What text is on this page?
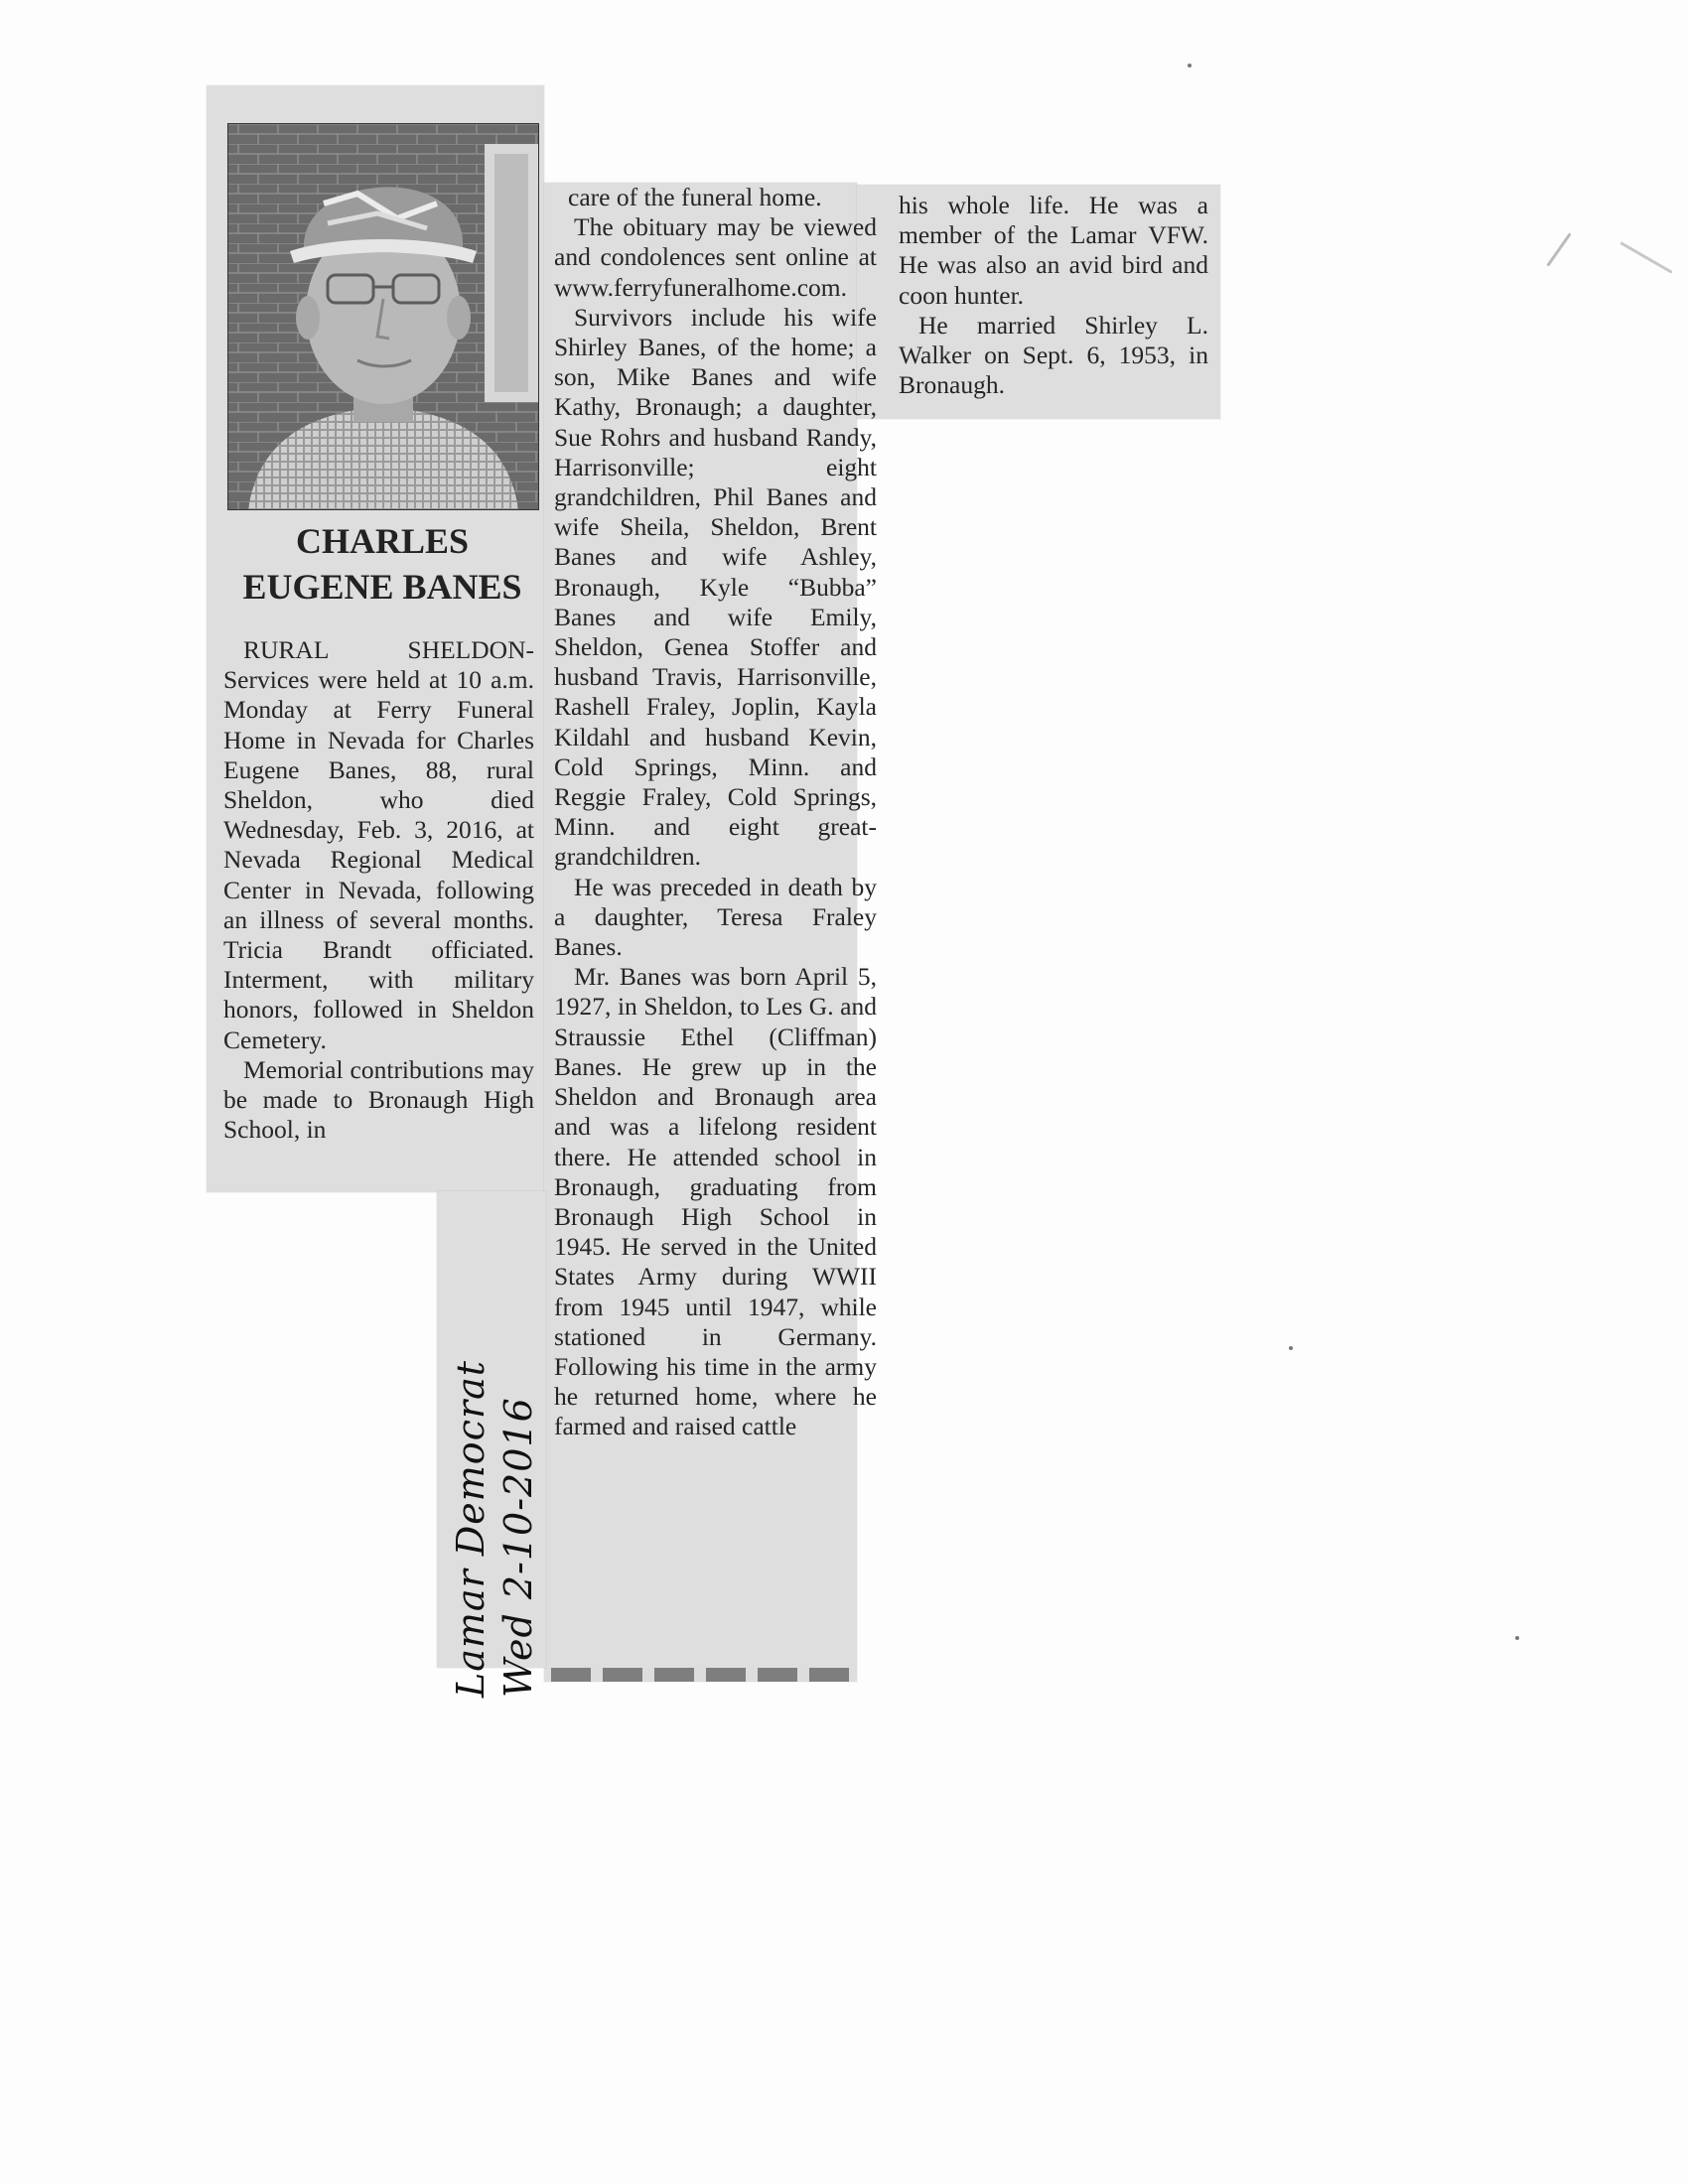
CHARLES
EUGENE BANES

RURAL SHELDON- Services were held at 10 a.m. Monday at Ferry Funeral Home in Nevada for Charles Eugene Banes, 88, rural Sheldon, who died Wednesday, Feb. 3, 2016, at Nevada Regional Medical Center in Nevada, following an illness of several months. Tricia Brandt officiated. Interment, with military honors, followed in Sheldon Cemetery.

Memorial contributions may be made to Bronaugh High School, in

care of the funeral home.

The obituary may be viewed and condolences sent online at www.ferryfuneralhome.com.

Survivors include his wife Shirley Banes, of the home; a son, Mike Banes and wife Kathy, Bronaugh; a daughter, Sue Rohrs and husband Randy, Harrisonville; eight grandchildren, Phil Banes and wife Sheila, Sheldon, Brent Banes and wife Ashley, Bronaugh, Kyle “Bubba” Banes and wife Emily, Sheldon, Genea Stoffer and husband Travis, Harrisonville, Rashell Fraley, Joplin, Kayla Kildahl and husband Kevin, Cold Springs, Minn. and Reggie Fraley, Cold Springs, Minn. and eight great-grandchildren.

He was preceded in death by a daughter, Teresa Fraley Banes.

Mr. Banes was born April 5, 1927, in Sheldon, to Les G. and Straussie Ethel (Cliffman) Banes. He grew up in the Sheldon and Bronaugh area and was a lifelong resident there. He attended school in Bronaugh, graduating from Bronaugh High School in 1945. He served in the United States Army during WWII from 1945 until 1947, while stationed in Germany. Following his time in the army he returned home, where he farmed and raised cattle

his whole life. He was a member of the Lamar VFW. He was also an avid bird and coon hunter.

He married Shirley L. Walker on Sept. 6, 1953, in Bronaugh.

Lamar Democrat Wed 2-10-2016
